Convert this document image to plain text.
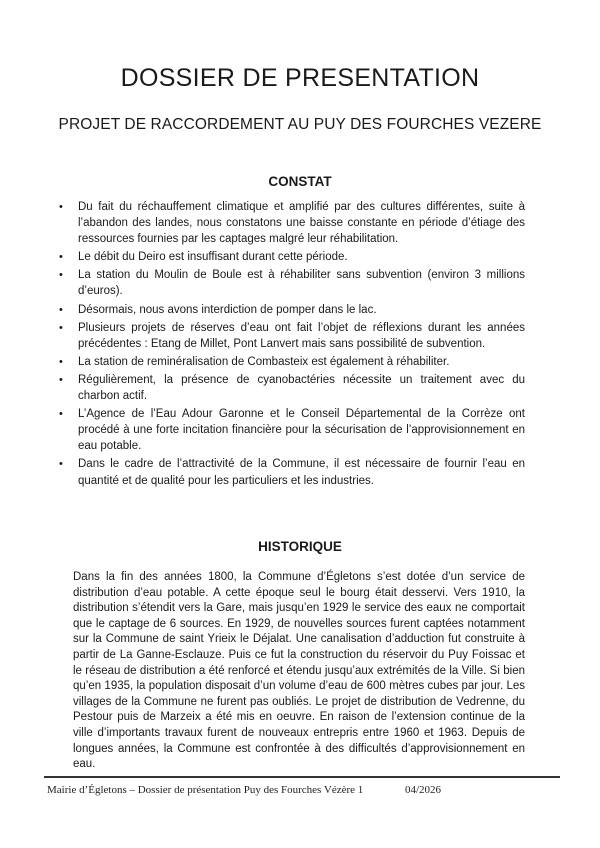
DOSSIER DE PRESENTATION
PROJET DE RACCORDEMENT AU PUY DES FOURCHES VEZERE
CONSTAT
• Du fait du réchauffement climatique et amplifié par des cultures différentes, suite à l’abandon des landes, nous constatons une baisse constante en période d’étiage des ressources fournies par les captages malgré leur réhabilitation.
• Le débit du Deiro est insuffisant durant cette période.
• La station du Moulin de Boule est à réhabiliter sans subvention (environ 3 millions d’euros).
• Désormais, nous avons interdiction de pomper dans le lac.
• Plusieurs projets de réserves d’eau ont fait l’objet de réflexions durant les années précédentes : Etang de Millet, Pont Lanvert mais sans possibilité de subvention.
• La station de reminéralisation de Combasteix est également à réhabiliter.
• Régulièrement, la présence de cyanobactéries nécessite un traitement avec du charbon actif.
• L’Agence de l’Eau Adour Garonne et le Conseil Départemental de la Corrèze ont procédé à une forte incitation financière pour la sécurisation de l’approvisionnement en eau potable.
• Dans le cadre de l’attractivité de la Commune, il est nécessaire de fournir l’eau en quantité et de qualité pour les particuliers et les industries.
HISTORIQUE

Dans la fin des années 1800, la Commune d’Égletons s’est dotée d’un service de distribution d’eau potable. A cette époque seul le bourg était desservi. Vers 1910, la distribution s’étendit vers la Gare, mais jusqu’en 1929 le service des eaux ne comportait que le captage de 6 sources. En 1929, de nouvelles sources furent captées notamment sur la Commune de saint Yrieix le Déjalat. Une canalisation d’adduction fut construite à partir de La Ganne-Esclauze. Puis ce fut la construction du réservoir du Puy Foissac et le réseau de distribution a été renforcé et étendu jusqu’aux extrémités de la Ville. Si bien qu’en 1935, la population disposait d’un volume d’eau de 600 mètres cubes par jour. Les villages de la Commune ne furent pas oubliés. Le projet de distribution de Vedrenne, du Pestour puis de Marzeix a été mis en oeuvre. En raison de l’extension continue de la ville d’importants travaux furent de nouveaux entrepris entre 1960 et 1963. Depuis de longues années, la Commune est confrontée à des difficultés d’approvisionnement en eau.

Mairie d’Égletons – Dossier de présentation Puy des Fourches Vézère 1	04/2026
